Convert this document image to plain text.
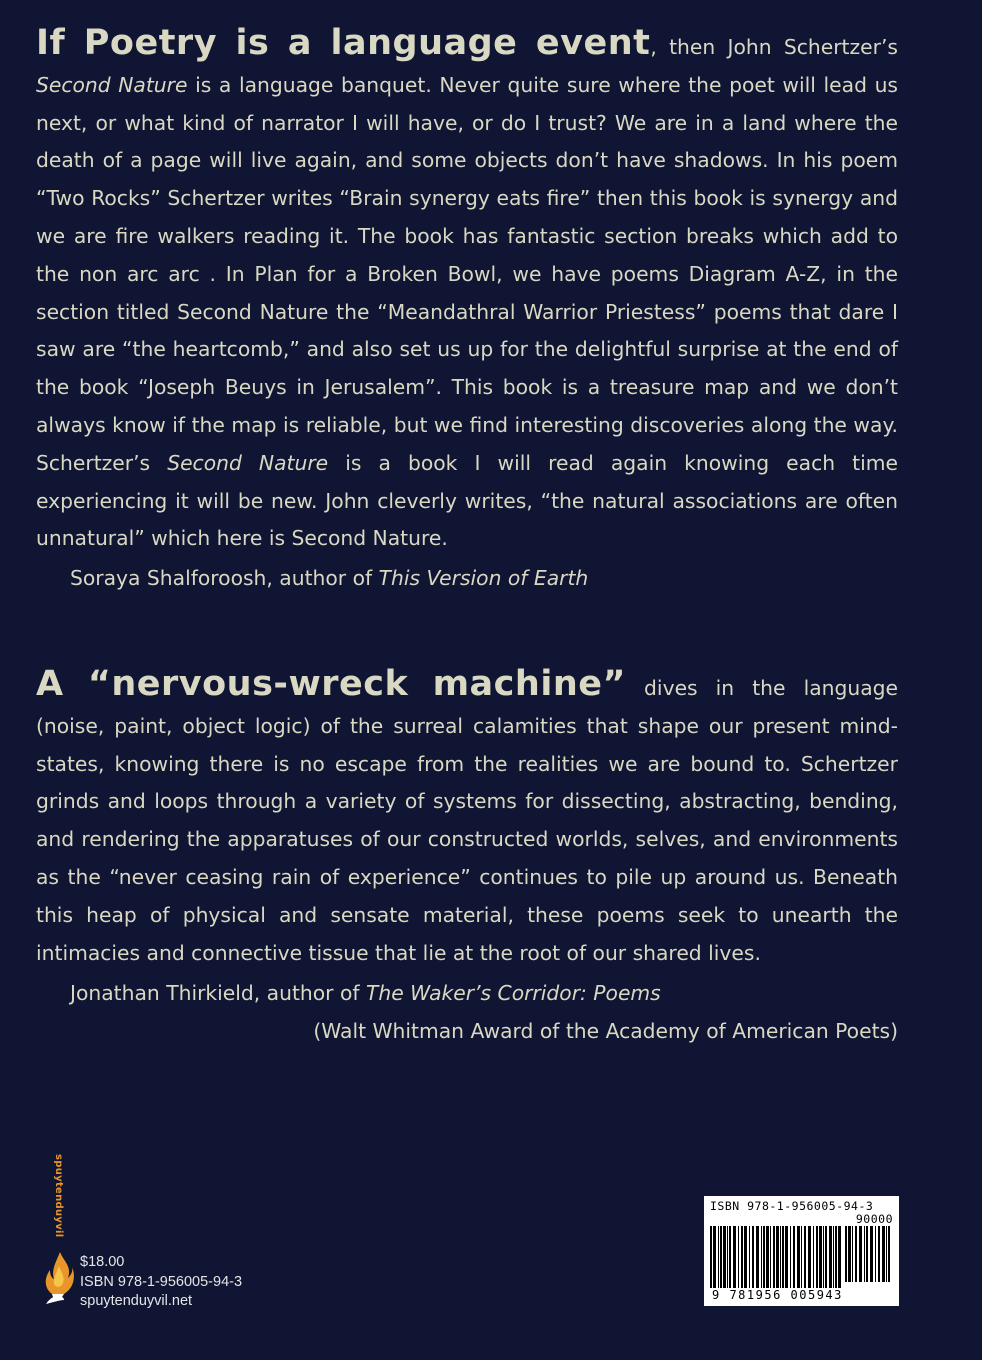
If Poetry is a language event, then John Schertzer’s Second Nature is a language banquet. Never quite sure where the poet will lead us next, or what kind of narrator I will have, or do I trust? We are in a land where the death of a page will live again, and some objects don’t have shadows. In his poem “Two Rocks” Schertzer writes “Brain synergy eats fire” then this book is synergy and we are fire walkers reading it. The book has fantastic section breaks which add to the non arc arc . In Plan for a Broken Bowl, we have poems Diagram A-Z, in the section titled Second Nature the “Meandathral Warrior Priestess” poems that dare I saw are “the heartcomb,” and also set us up for the delightful surprise at the end of the book “Joseph Beuys in Jerusalem”. This book is a treasure map and we don’t always know if the map is reliable, but we find interesting discoveries along the way. Schertzer’s Second Nature is a book I will read again knowing each time experiencing it will be new. John cleverly writes, “the natural associations are often unnatural” which here is Second Nature.

Soraya Shalforoosh, author of This Version of Earth

A “nervous-wreck machine” dives in the language (noise, paint, object logic) of the surreal calamities that shape our present mind-states, knowing there is no escape from the realities we are bound to. Schertzer grinds and loops through a variety of systems for dissecting, abstracting, bending, and rendering the apparatuses of our constructed worlds, selves, and environments as the “never ceasing rain of experience” continues to pile up around us. Beneath this heap of physical and sensate material, these poems seek to unearth the intimacies and connective tissue that lie at the root of our shared lives.

Jonathan Thirkield, author of The Waker’s Corridor: Poems
(Walt Whitman Award of the Academy of American Poets)
spuytenduyvil
$18.00
ISBN 978-1-956005-94-3
spuytenduyvil.net
ISBN 978-1-956005-94-3
90000
9 781956 005943
